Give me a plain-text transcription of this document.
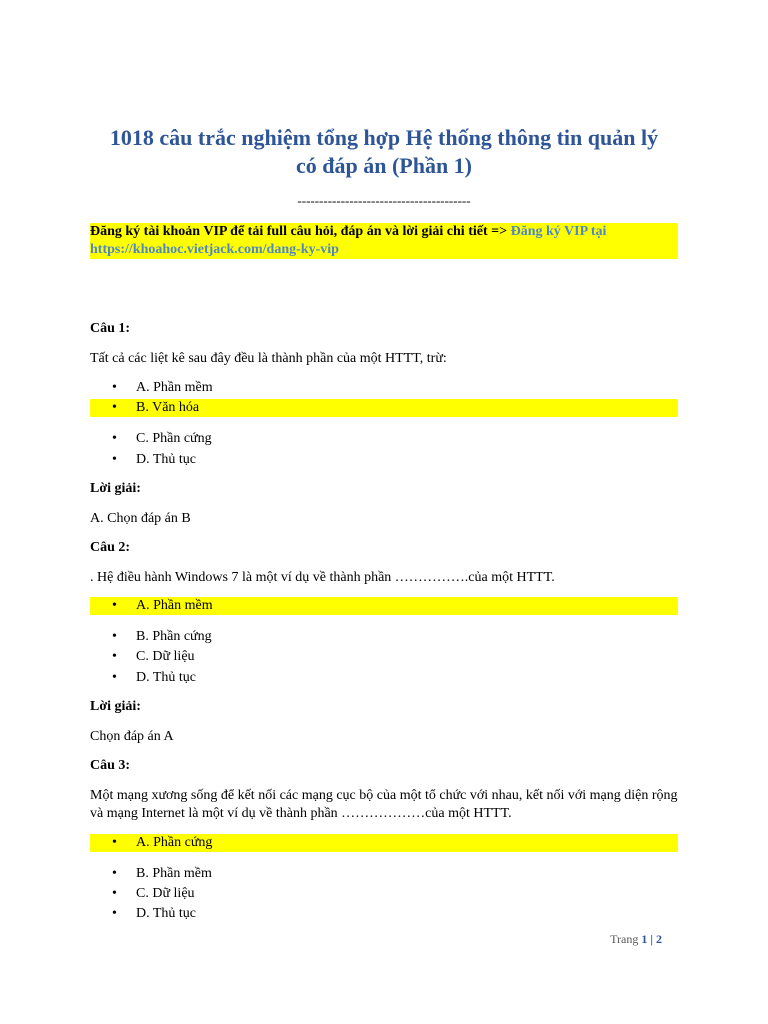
1018 câu trắc nghiệm tổng hợp Hệ thống thông tin quản lý
có đáp án (Phần 1)
----------------------------------------
Đăng ký tài khoản VIP để tải full câu hỏi, đáp án và lời giải chi tiết => Đăng ký VIP tại https://khoahoc.vietjack.com/dang-ky-vip
Câu 1:
Tất cả các liệt kê sau đây đều là thành phần của một HTTT, trừ:
• A. Phần mềm
• B. Văn hóa
• C. Phần cứng
• D. Thủ tục
Lời giải:
A. Chọn đáp án B
Câu 2:
. Hệ điều hành Windows 7 là một ví dụ về thành phần …………….của một HTTT.
• A. Phần mềm
• B. Phần cứng
• C. Dữ liệu
• D. Thủ tục
Lời giải:
Chọn đáp án A
Câu 3:
Một mạng xương sống để kết nối các mạng cục bộ của một tổ chức với nhau, kết nối với mạng diện rộng và mạng Internet là một ví dụ về thành phần ………………của một HTTT.
• A. Phần cứng
• B. Phần mềm
• C. Dữ liệu
• D. Thủ tục
Trang 1 | 2
